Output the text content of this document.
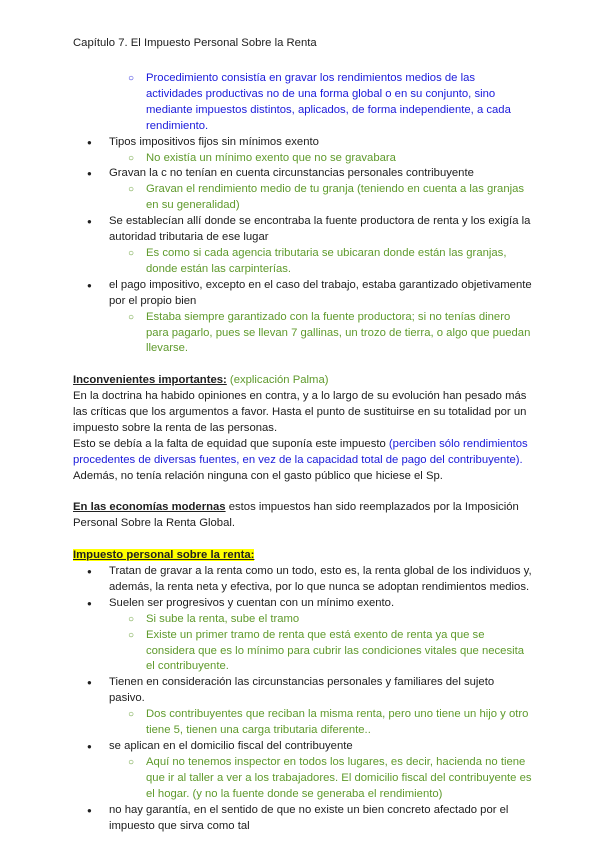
Capítulo 7. El Impuesto Personal Sobre la Renta
○ Procedimiento consistía en gravar los rendimientos medios de las actividades productivas no de una forma global o en su conjunto, sino mediante impuestos distintos, aplicados, de forma independiente, a cada rendimiento.
● Tipos impositivos fijos sin mínimos exento
○ No existía un mínimo exento que no se gravabara
● Gravan la c no tenían en cuenta circunstancias personales contribuyente
○ Gravan el rendimiento medio de tu granja (teniendo en cuenta a las granjas en su generalidad)
● Se establecían allí donde se encontraba la fuente productora de renta y los exigía la autoridad tributaria de ese lugar
○ Es como si cada agencia tributaria se ubicaran donde están las granjas, donde están las carpinterías.
● el pago impositivo, excepto en el caso del trabajo, estaba garantizado objetivamente por el propio bien
○ Estaba siempre garantizado con la fuente productora; si no tenías dinero para pagarlo, pues se llevan 7 gallinas, un trozo de tierra, o algo que puedan llevarse.
Inconvenientes importantes: (explicación Palma)
En la doctrina ha habido opiniones en contra, y a lo largo de su evolución han pesado más las críticas que los argumentos a favor. Hasta el punto de sustituirse en su totalidad por un impuesto sobre la renta de las personas.
Esto se debía a la falta de equidad que suponía este impuesto (perciben sólo rendimientos procedentes de diversas fuentes, en vez de la capacidad total de pago del contribuyente).
Además, no tenía relación ninguna con el gasto público que hiciese el Sp.
En las economías modernas estos impuestos han sido reemplazados por la Imposición Personal Sobre la Renta Global.
Impuesto personal sobre la renta:
● Tratan de gravar a la renta como un todo, esto es, la renta global de los individuos y, además, la renta neta y efectiva, por lo que nunca se adoptan rendimientos medios.
● Suelen ser progresivos y cuentan con un mínimo exento.
○ Si sube la renta, sube el tramo
○ Existe un primer tramo de renta que está exento de renta ya que se considera que es lo mínimo para cubrir las condiciones vitales que necesita el contribuyente.
● Tienen en consideración las circunstancias personales y familiares del sujeto pasivo.
○ Dos contribuyentes que reciban la misma renta, pero uno tiene un hijo y otro tiene 5, tienen una carga tributaria diferente..
● se aplican en el domicilio fiscal del contribuyente
○ Aquí no tenemos inspector en todos los lugares, es decir, hacienda no tiene que ir al taller a ver a los trabajadores. El domicilio fiscal del contribuyente es el hogar. (y no la fuente donde se generaba el rendimiento)
● no hay garantía, en el sentido de que no existe un bien concreto afectado por el impuesto que sirva como tal
